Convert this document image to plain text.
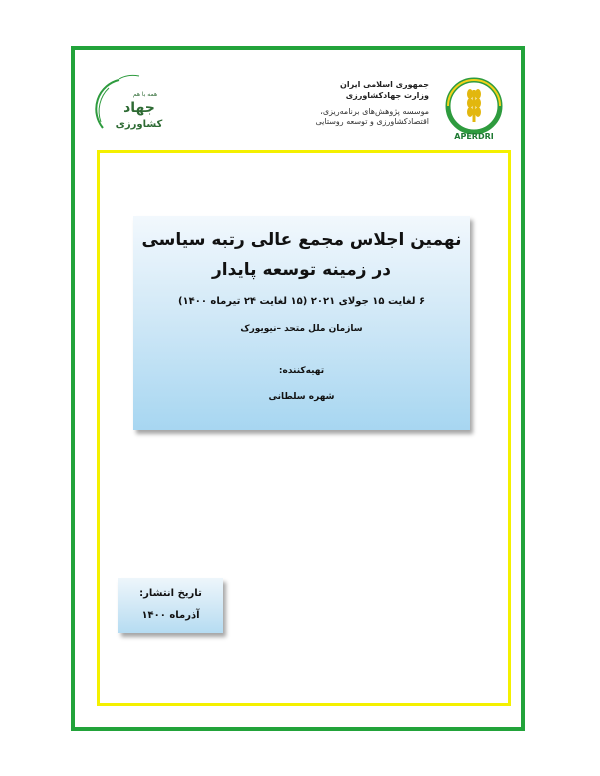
همه با هم
جهاد
کشاورزی
APERDRI
جمهوری اسلامی ایران
وزارت جهادکشاورزی
موسسه پژوهش‌های برنامه‌ریزی،
اقتصادکشاورزی و توسعه روستایی
نهمین اجلاس مجمع عالی رتبه سیاسی
در زمینه توسعه پایدار
۶ لغایت ۱۵ جولای ۲۰۲۱ (۱۵ لغایت ۲۴ تیرماه ۱۴۰۰)
سازمان ملل متحد –نیویورک
تهیه‌کننده:
شهره سلطانی
تاریخ انتشار:
آذرماه ۱۴۰۰
